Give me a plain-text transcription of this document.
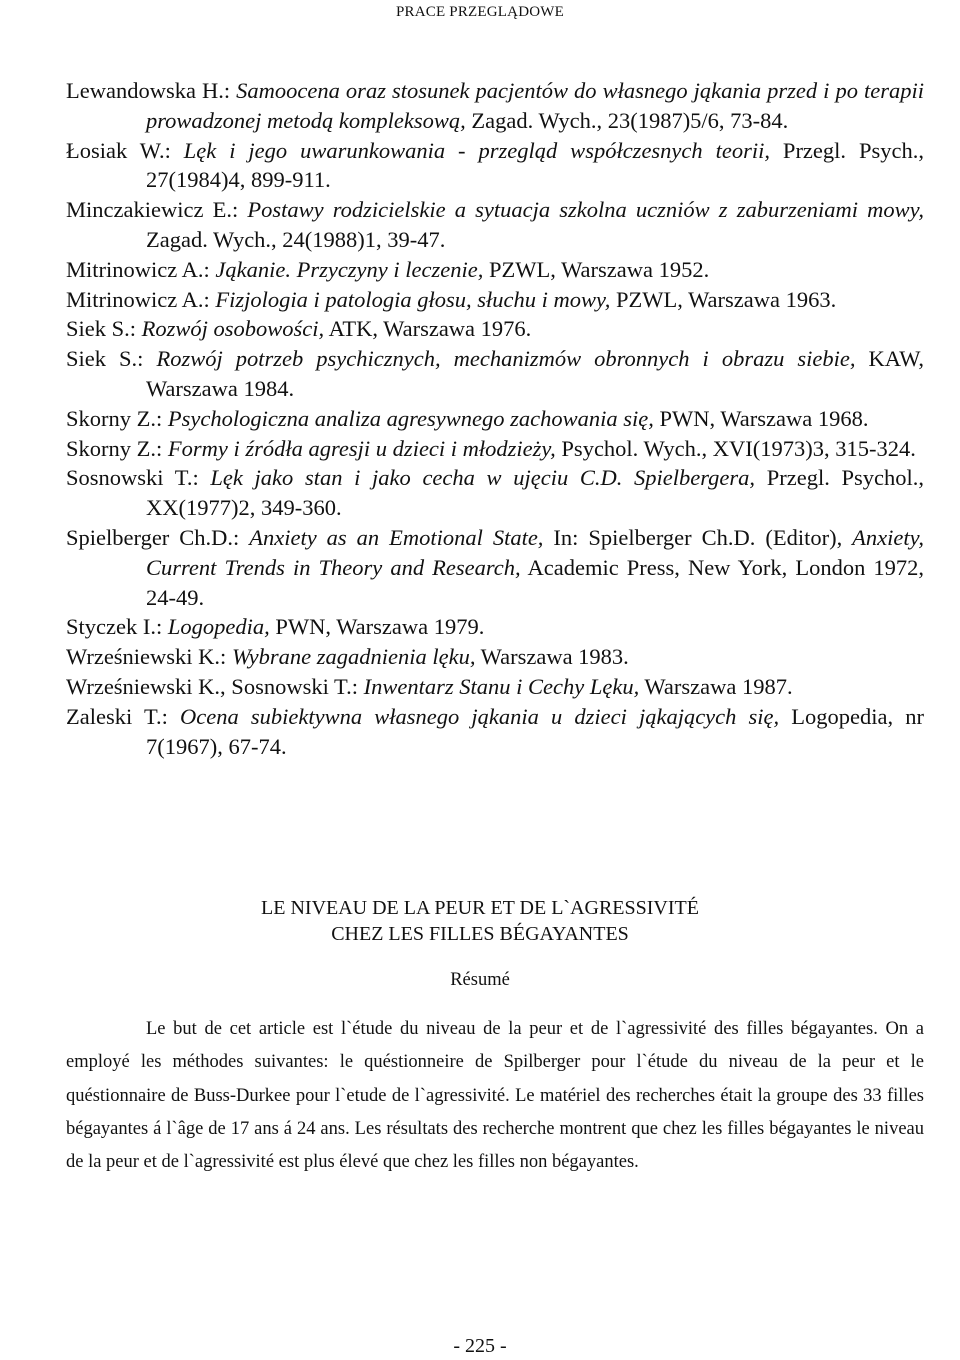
PRACE PRZEGLĄDOWE
Lewandowska H.: Samoocena oraz stosunek pacjentów do własnego jąkania przed i po terapii prowadzonej metodą kompleksową, Zagad. Wych., 23(1987)5/6, 73-84.
Łosiak W.: Lęk i jego uwarunkowania - przegląd współczesnych teorii, Przegl. Psych., 27(1984)4, 899-911.
Minczakiewicz E.: Postawy rodzicielskie a sytuacja szkolna uczniów z zaburzeniami mowy, Zagad. Wych., 24(1988)1, 39-47.
Mitrinowicz A.: Jąkanie. Przyczyny i leczenie, PZWL, Warszawa 1952.
Mitrinowicz A.: Fizjologia i patologia głosu, słuchu i mowy, PZWL, Warszawa 1963.
Siek S.: Rozwój osobowości, ATK, Warszawa 1976.
Siek S.: Rozwój potrzeb psychicznych, mechanizmów obronnych i obrazu siebie, KAW, Warszawa 1984.
Skorny Z.: Psychologiczna analiza agresywnego zachowania się, PWN, Warszawa 1968.
Skorny Z.: Formy i źródła agresji u dzieci i młodzieży, Psychol. Wych., XVI(1973)3, 315-324.
Sosnowski T.: Lęk jako stan i jako cecha w ujęciu C.D. Spielbergera, Przegl. Psychol., XX(1977)2, 349-360.
Spielberger Ch.D.: Anxiety as an Emotional State, In: Spielberger Ch.D. (Editor), Anxiety, Current Trends in Theory and Research, Academic Press, New York, London 1972, 24-49.
Styczek I.: Logopedia, PWN, Warszawa 1979.
Wrześniewski K.: Wybrane zagadnienia lęku, Warszawa 1983.
Wrześniewski K., Sosnowski T.: Inwentarz Stanu i Cechy Lęku, Warszawa 1987.
Zaleski T.: Ocena subiektywna własnego jąkania u dzieci jąkających się, Logopedia, nr 7(1967), 67-74.
LE NIVEAU DE LA PEUR ET DE L`AGRESSIVITÉ
CHEZ LES FILLES BÉGAYANTES
Résumé
Le but de cet article est l`étude du niveau de la peur et de l`agressivité des filles bégayantes. On a employé les méthodes suivantes: le quéstionneire de Spilberger pour l`étude du niveau de la peur et le quéstionnaire de Buss-Durkee pour l`etude de l`agressivité. Le matériel des recherches était la groupe des 33 filles bégayantes á l`âge de 17 ans á 24 ans. Les résultats des recherche montrent que chez les filles bégayantes le niveau de la peur et de l`agressivité est plus élevé que chez les filles non bégayantes.
- 225 -
